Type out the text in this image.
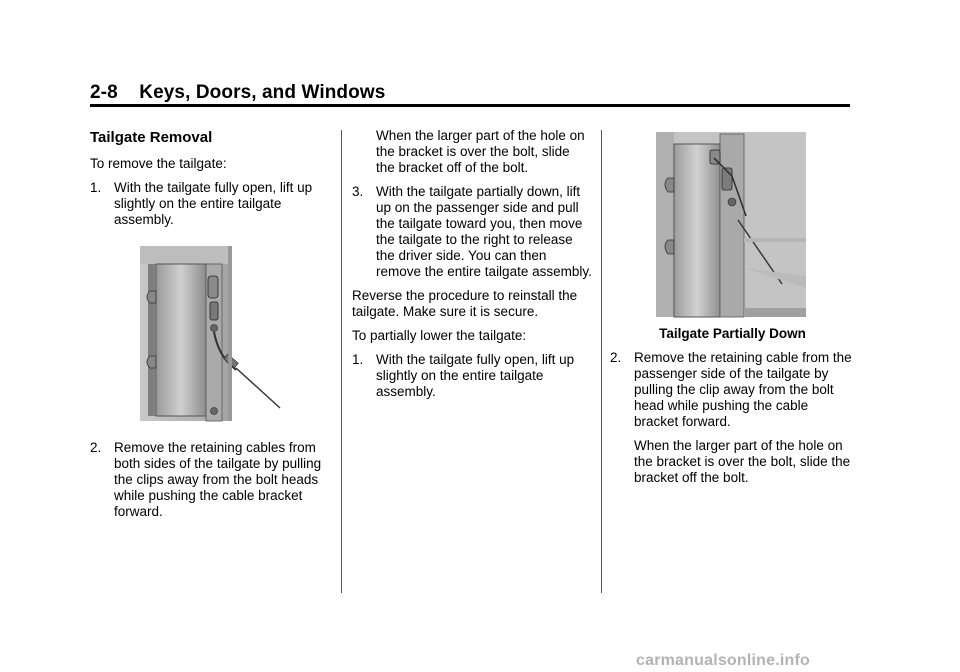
2-8    Keys, Doors, and Windows
Tailgate Removal

To remove the tailgate:

1. With the tailgate fully open, lift up slightly on the entire tailgate assembly.
2. Remove the retaining cables from both sides of the tailgate by pulling the clips away from the bolt heads while pushing the cable bracket forward.

When the larger part of the hole on the bracket is over the bolt, slide the bracket off of the bolt.

3. With the tailgate partially down, lift up on the passenger side and pull the tailgate toward you, then move the tailgate to the right to release the driver side. You can then remove the entire tailgate assembly.

Reverse the procedure to reinstall the tailgate. Make sure it is secure.

To partially lower the tailgate:

1. With the tailgate fully open, lift up slightly on the entire tailgate assembly.
Tailgate Partially Down
2. Remove the retaining cable from the passenger side of the tailgate by pulling the clip away from the bolt head while pushing the cable bracket forward.

When the larger part of the hole on the bracket is over the bolt, slide the bracket off the bolt.

carmanualsonline.info
